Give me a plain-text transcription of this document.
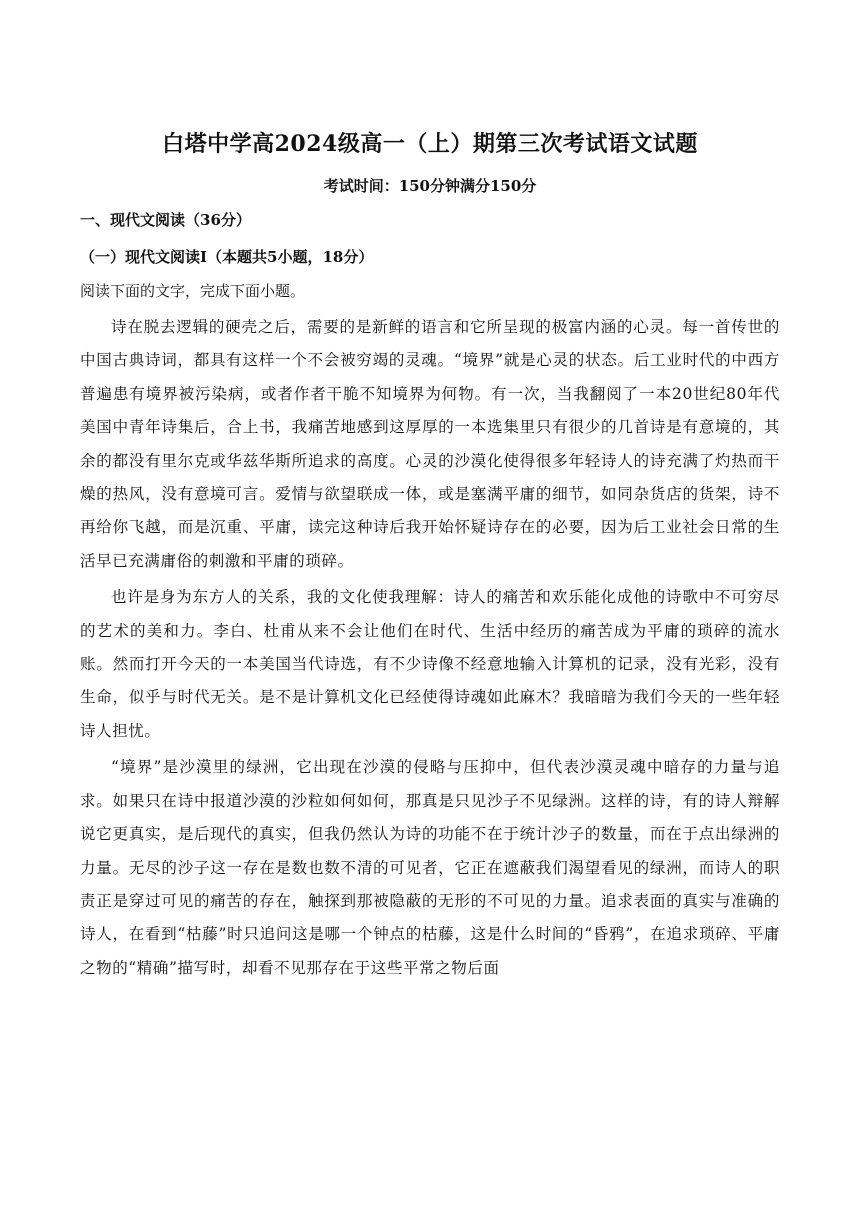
白塔中学高2024级高一（上）期第三次考试语文试题

考试时间：150分钟满分150分

一、现代文阅读（36分）

（一）现代文阅读Ⅰ（本题共5小题，18分）

阅读下面的文字，完成下面小题。

诗在脱去逻辑的硬壳之后，需要的是新鲜的语言和它所呈现的极富内涵的心灵。每一首传世的中国古典诗词，都具有这样一个不会被穷竭的灵魂。“境界”就是心灵的状态。后工业时代的中西方普遍患有境界被污染病，或者作者干脆不知境界为何物。有一次，当我翻阅了一本20世纪80年代美国中青年诗集后，合上书，我痛苦地感到这厚厚的一本选集里只有很少的几首诗是有意境的，其余的都没有里尔克或华兹华斯所追求的高度。心灵的沙漠化使得很多年轻诗人的诗充满了灼热而干燥的热风，没有意境可言。爱情与欲望联成一体，或是塞满平庸的细节，如同杂货店的货架，诗不再给你飞越，而是沉重、平庸，读完这种诗后我开始怀疑诗存在的必要，因为后工业社会日常的生活早已充满庸俗的刺激和平庸的琐碎。

也许是身为东方人的关系，我的文化使我理解：诗人的痛苦和欢乐能化成他的诗歌中不可穷尽的艺术的美和力。李白、杜甫从来不会让他们在时代、生活中经历的痛苦成为平庸的琐碎的流水账。然而打开今天的一本美国当代诗选，有不少诗像不经意地输入计算机的记录，没有光彩，没有生命，似乎与时代无关。是不是计算机文化已经使得诗魂如此麻木？我暗暗为我们今天的一些年轻诗人担忧。

“境界”是沙漠里的绿洲，它出现在沙漠的侵略与压抑中，但代表沙漠灵魂中暗存的力量与追求。如果只在诗中报道沙漠的沙粒如何如何，那真是只见沙子不见绿洲。这样的诗，有的诗人辩解说它更真实，是后现代的真实，但我仍然认为诗的功能不在于统计沙子的数量，而在于点出绿洲的力量。无尽的沙子这一存在是数也数不清的可见者，它正在遮蔽我们渴望看见的绿洲，而诗人的职责正是穿过可见的痛苦的存在，触探到那被隐蔽的无形的不可见的力量。追求表面的真实与准确的诗人，在看到“枯藤”时只追问这是哪一个钟点的枯藤，这是什么时间的“昏鸦”，在追求琐碎、平庸之物的“精确”描写时，却看不见那存在于这些平常之物后面
